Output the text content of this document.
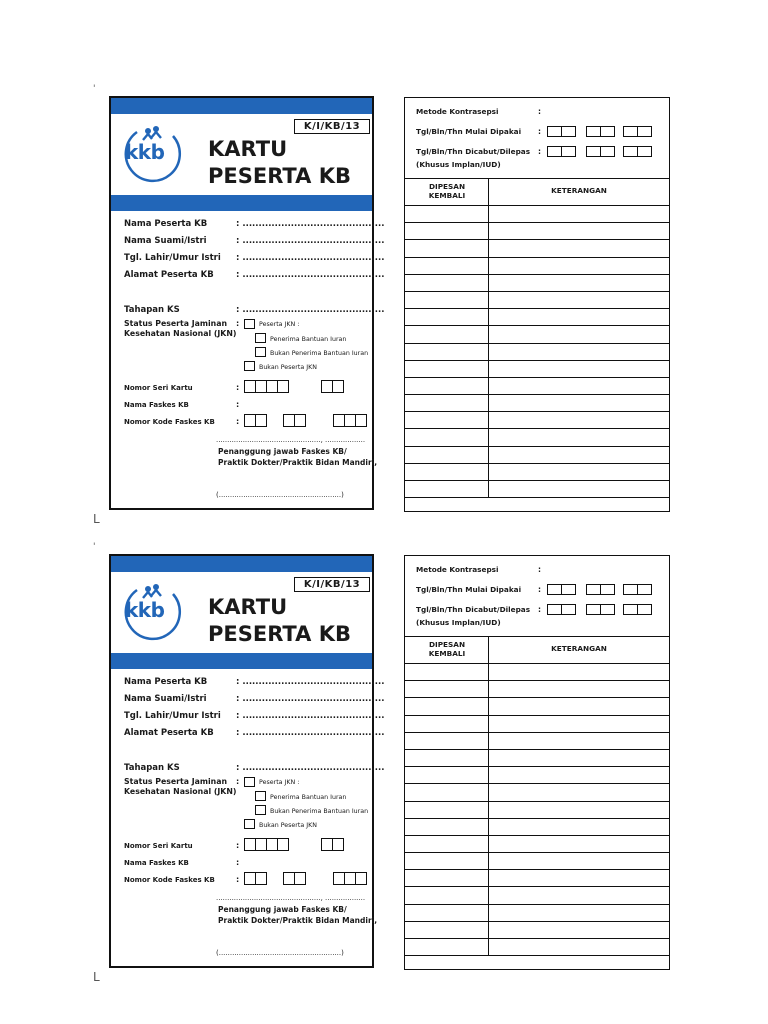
'
L
K/I/KB/13
kkb KARTU
PESERTA KB
Nama Peserta KB	: ............................................
Nama Suami/Istri	: ............................................
Tgl. Lahir/Umur Istri : ............................................
Alamat Peserta KB	: ............................................
Tahapan KS	: ............................................
Status Peserta Jaminan
Kesehatan Nasional (JKN)
:	Peserta JKN :
Penerima Bantuan Iuran
Bukan Penerima Bantuan Iuran
Bukan Peserta JKN
Nomor Seri Kartu	:
Nama Faskes KB	:
Nomor Kode Faskes KB	:
..............................................., ..................
Penanggung jawab Faskes KB/
Praktik Dokter/Praktik Bidan Mandiri,
(.......................................................)
Metode Kontrasepsi	:
Tgl/Bln/Thn Mulai Dipakai :
Tgl/Bln/Thn Dicabut/Dilepas :
(Khusus Implan/IUD)
DIPESAN
KEMBALI
KETERANGAN
'
L
K/I/KB/13
kkb KARTU
PESERTA KB
Nama Peserta KB	: ............................................
Nama Suami/Istri	: ............................................
Tgl. Lahir/Umur Istri : ............................................
Alamat Peserta KB	: ............................................
Tahapan KS	: ............................................
Status Peserta Jaminan
Kesehatan Nasional (JKN)
:	Peserta JKN :
Penerima Bantuan Iuran
Bukan Penerima Bantuan Iuran
Bukan Peserta JKN
Nomor Seri Kartu	:
Nama Faskes KB	:
Nomor Kode Faskes KB	:
..............................................., ..................
Penanggung jawab Faskes KB/
Praktik Dokter/Praktik Bidan Mandiri,
(.......................................................)
Metode Kontrasepsi	:
Tgl/Bln/Thn Mulai Dipakai :
Tgl/Bln/Thn Dicabut/Dilepas :
(Khusus Implan/IUD)
DIPESAN
KEMBALI
KETERANGAN
